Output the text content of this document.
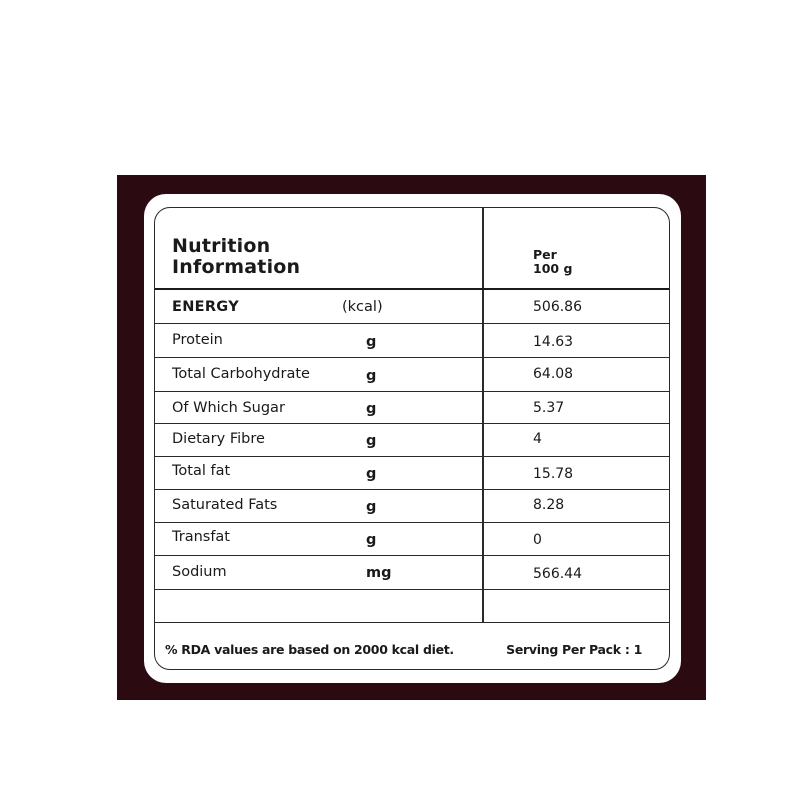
Nutrition
Information
Per
100 g
ENERGY	(kcal)	506.86
Protein	g	14.63
Total Carbohydrate	g	64.08
Of Which Sugar	g	5.37
Dietary Fibre	g	4
Total fat	g	15.78
Saturated Fats	g	8.28
Transfat	g	0
Sodium	mg	566.44
% RDA values are based on 2000 kcal diet.	Serving Per Pack : 1
